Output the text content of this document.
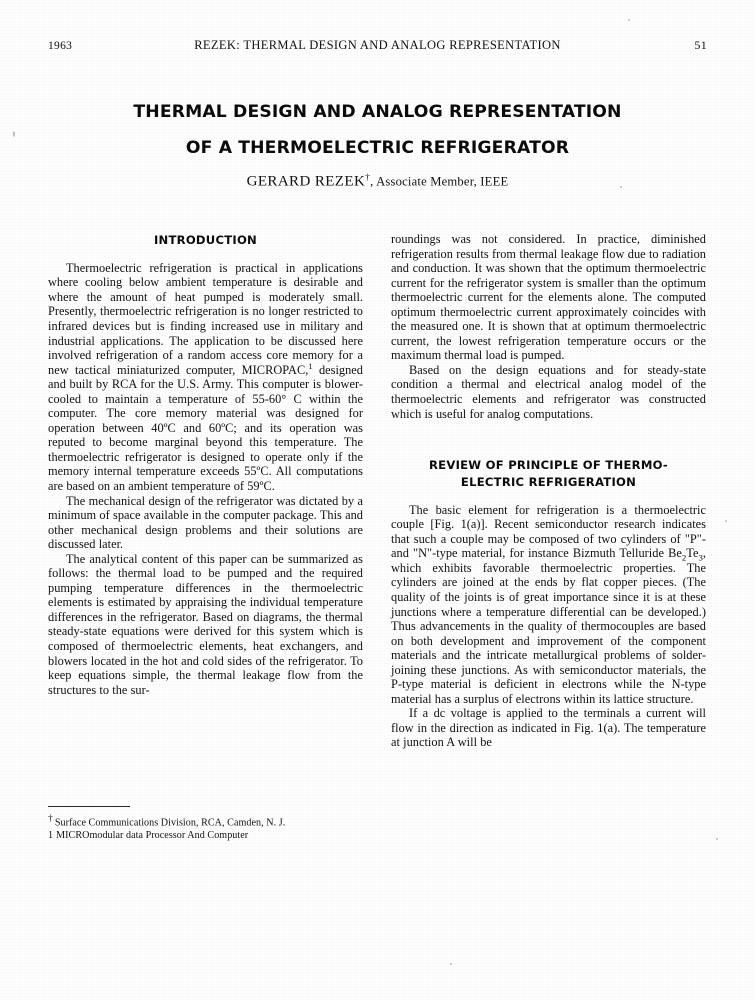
1963	REZEK: THERMAL DESIGN AND ANALOG REPRESENTATION	51
THERMAL DESIGN AND ANALOG REPRESENTATION
OF A THERMOELECTRIC REFRIGERATOR
GERARD REZEK†, Associate Member, IEEE
INTRODUCTION

Thermoelectric refrigeration is practical in applications where cooling below ambient temperature is desirable and where the amount of heat pumped is moderately small. Presently, thermoelectric refrigeration is no longer restricted to infrared devices but is finding increased use in military and industrial applications. The application to be discussed here involved refrigeration of a random access core memory for a new tactical miniaturized computer, MICROPAC,$^1$ designed and built by RCA for the U.S. Army. This computer is blower-cooled to maintain a temperature of 55-60° C within the computer. The core memory material was designed for operation between 40ºC and 60ºC; and its operation was reputed to become marginal beyond this temperature. The thermoelectric refrigerator is designed to operate only if the memory internal temperature exceeds 55ºC. All computations are based on an ambient temperature of 59ºC.

The mechanical design of the refrigerator was dictated by a minimum of space available in the computer package. This and other mechanical design problems and their solutions are discussed later.

The analytical content of this paper can be summarized as follows: the thermal load to be pumped and the required pumping temperature differences in the thermoelectric elements is estimated by appraising the individual temperature differences in the refrigerator. Based on diagrams, the thermal steady-state equations were derived for this system which is composed of thermoelectric elements, heat exchangers, and blowers located in the hot and cold sides of the refrigerator. To keep equations simple, the thermal leakage flow from the structures to the sur-

roundings was not considered. In practice, diminished refrigeration results from thermal leakage flow due to radiation and conduction. It was shown that the optimum thermoelectric current for the refrigerator system is smaller than the optimum thermoelectric current for the elements alone. The computed optimum thermoelectric current approximately coincides with the measured one. It is shown that at optimum thermoelectric current, the lowest refrigeration temperature occurs or the maximum thermal load is pumped.

Based on the design equations and for steady-state condition a thermal and electrical analog model of the thermoelectric elements and refrigerator was constructed which is useful for analog computations.

REVIEW OF PRINCIPLE OF THERMO-
ELECTRIC REFRIGERATION

The basic element for refrigeration is a thermoelectric couple [Fig. 1(a)]. Recent semiconductor research indicates that such a couple may be composed of two cylinders of "P"- and "N"-type material, for instance Bizmuth Telluride $Be_2Te_3$, which exhibits favorable thermoelectric properties. The cylinders are joined at the ends by flat copper pieces. (The quality of the joints is of great importance since it is at these junctions where a temperature differential can be developed.) Thus advancements in the quality of thermocouples are based on both development and improvement of the component materials and the intricate metallurgical problems of solder-joining these junctions. As with semiconductor materials, the P-type material is deficient in electrons while the N-type material has a surplus of electrons within its lattice structure.

If a dc voltage is applied to the terminals a current will flow in the direction as indicated in Fig. 1(a). The temperature at junction A will be

† Surface Communications Division, RCA, Camden, N. J.
1 MICROmodular data Processor And Computer
